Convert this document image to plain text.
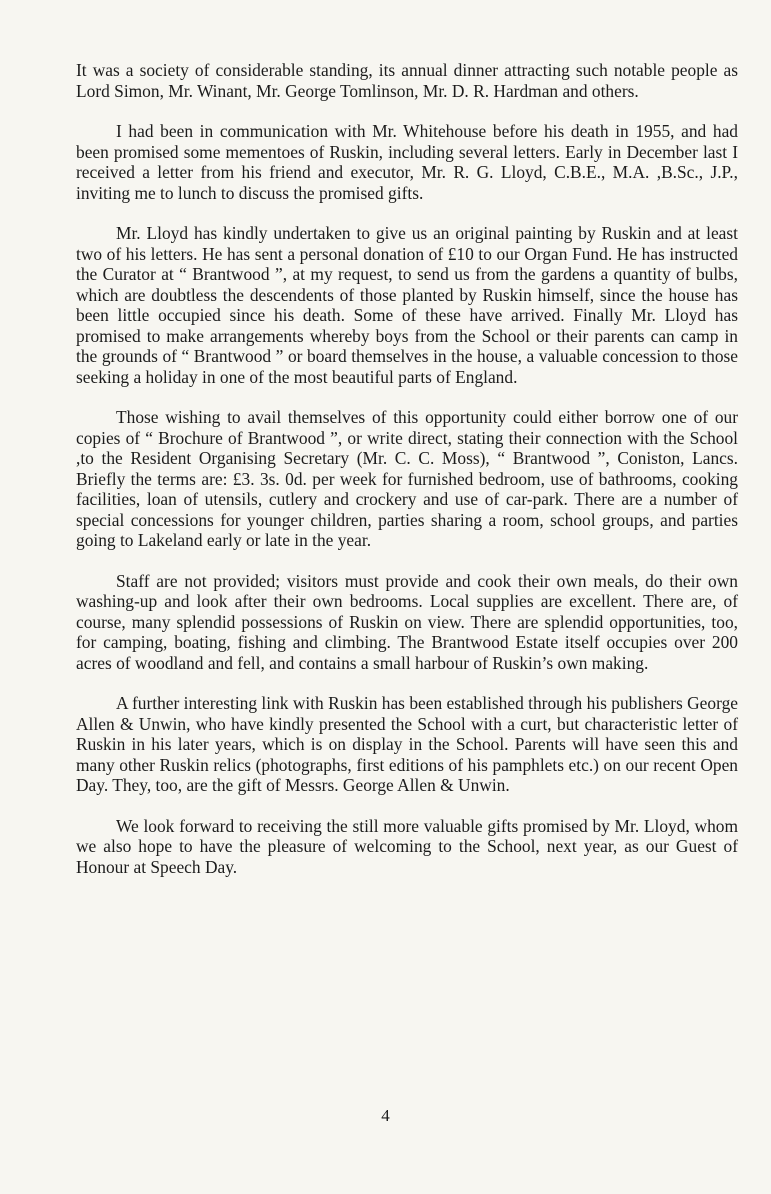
It was a society of considerable standing, its annual dinner attracting such notable people as Lord Simon, Mr. Winant, Mr. George Tomlinson, Mr. D. R. Hardman and others.

I had been in communication with Mr. Whitehouse before his death in 1955, and had been promised some mementoes of Ruskin, including several letters. Early in December last I received a letter from his friend and executor, Mr. R. G. Lloyd, C.B.E., M.A. ,B.Sc., J.P., inviting me to lunch to discuss the promised gifts.

Mr. Lloyd has kindly undertaken to give us an original painting by Ruskin and at least two of his letters. He has sent a personal donation of £10 to our Organ Fund. He has instructed the Curator at “ Brantwood ”, at my request, to send us from the gardens a quantity of bulbs, which are doubtless the descendents of those planted by Ruskin himself, since the house has been little occupied since his death. Some of these have arrived. Finally Mr. Lloyd has promised to make arrangements whereby boys from the School or their parents can camp in the grounds of “ Brantwood ” or board themselves in the house, a valuable concession to those seeking a holiday in one of the most beautiful parts of England.

Those wishing to avail themselves of this opportunity could either borrow one of our copies of “ Brochure of Brantwood ”, or write direct, stating their connection with the School ,to the Resident Organising Secretary (Mr. C. C. Moss), “ Brantwood ”, Coniston, Lancs. Briefly the terms are: £3. 3s. 0d. per week for furnished bedroom, use of bathrooms, cooking facilities, loan of utensils, cutlery and crockery and use of car-park. There are a number of special concessions for younger children, parties sharing a room, school groups, and parties going to Lakeland early or late in the year.

Staff are not provided; visitors must provide and cook their own meals, do their own washing-up and look after their own bedrooms. Local supplies are excellent. There are, of course, many splendid possessions of Ruskin on view. There are splendid opportunities, too, for camping, boating, fishing and climbing. The Brantwood Estate itself occupies over 200 acres of woodland and fell, and contains a small harbour of Ruskin’s own making.

A further interesting link with Ruskin has been established through his publishers George Allen & Unwin, who have kindly presented the School with a curt, but characteristic letter of Ruskin in his later years, which is on display in the School. Parents will have seen this and many other Ruskin relics (photographs, first editions of his pamphlets etc.) on our recent Open Day. They, too, are the gift of Messrs. George Allen & Unwin.

We look forward to receiving the still more valuable gifts promised by Mr. Lloyd, whom we also hope to have the pleasure of welcoming to the School, next year, as our Guest of Honour at Speech Day.

4
